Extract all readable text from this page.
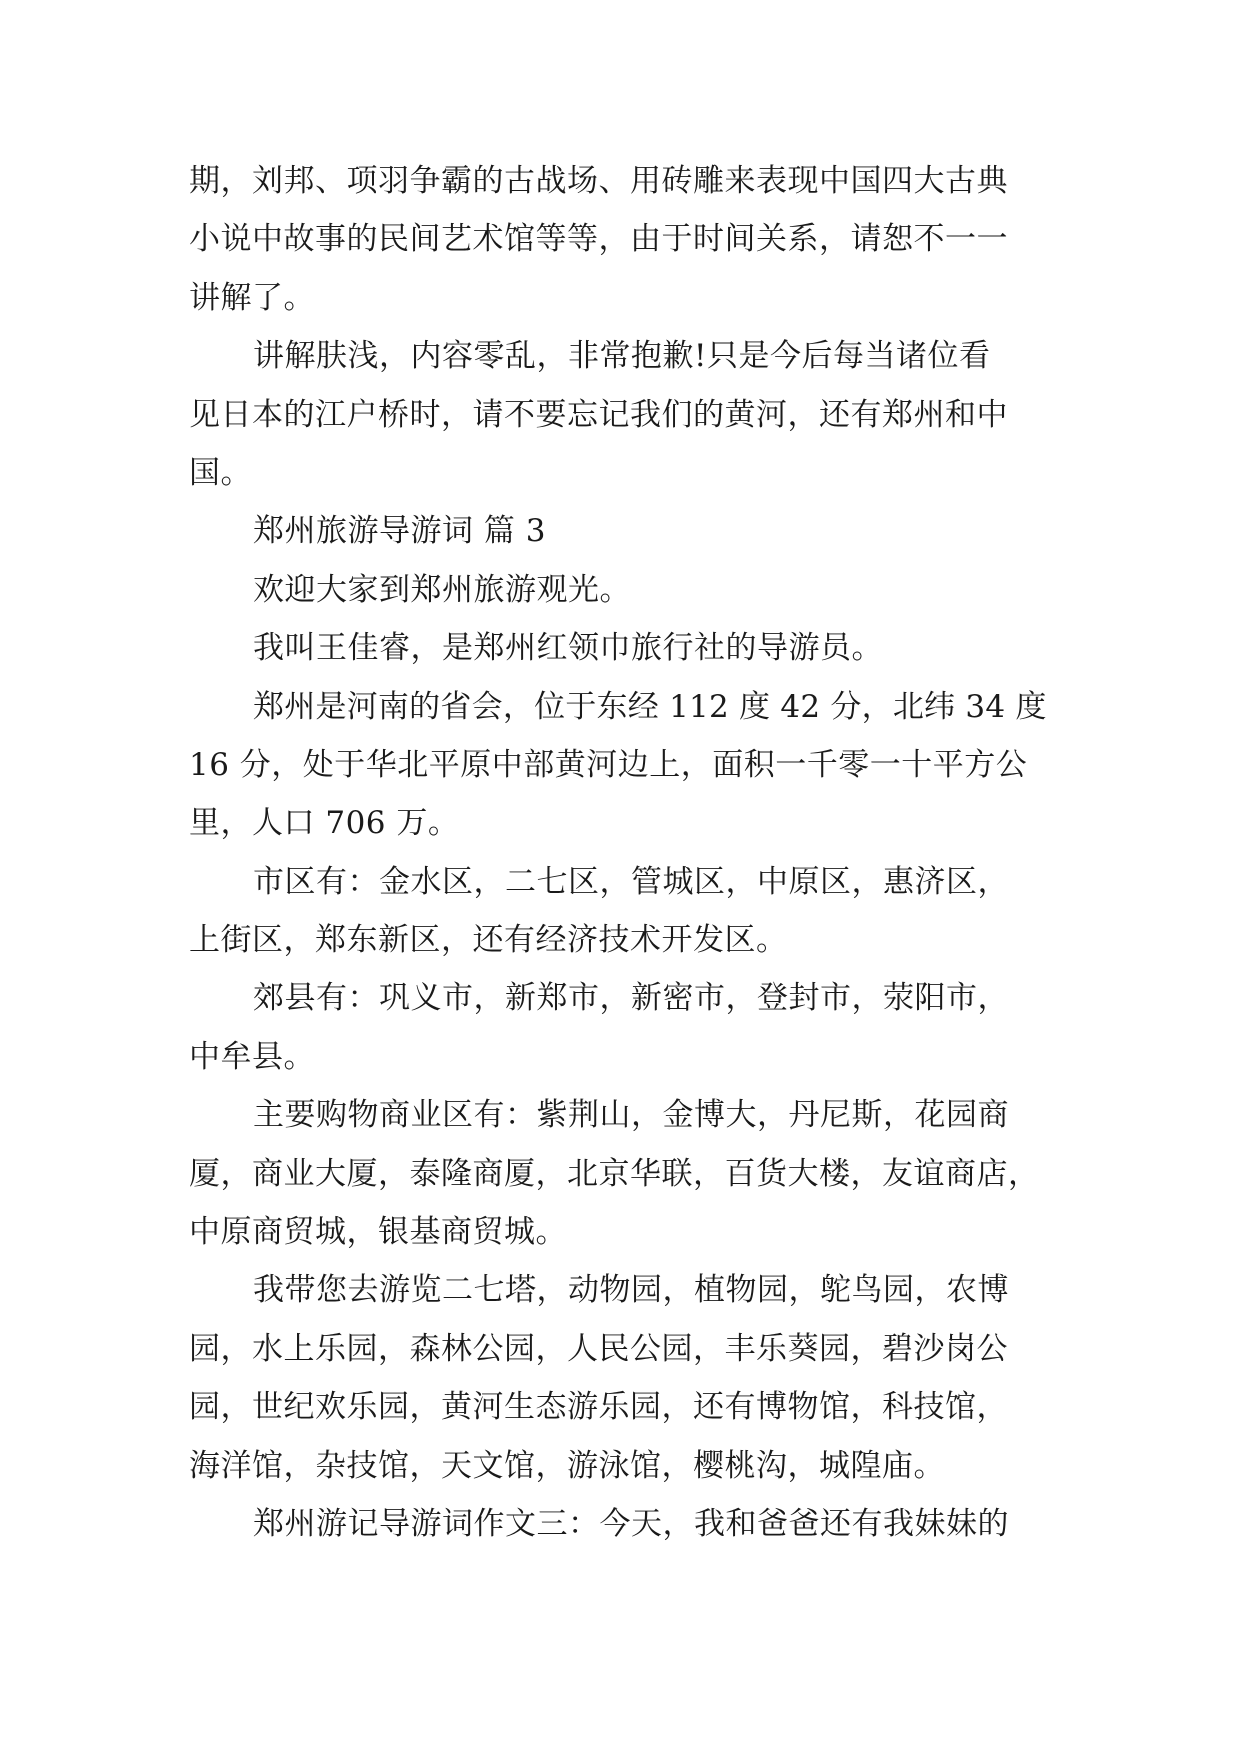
期，刘邦、项羽争霸的古战场、用砖雕来表现中国四大古典
小说中故事的民间艺术馆等等，由于时间关系，请恕不一一
讲解了。
讲解肤浅，内容零乱，非常抱歉!只是今后每当诸位看
见日本的江户桥时，请不要忘记我们的黄河，还有郑州和中
国。
郑州旅游导游词 篇 3
欢迎大家到郑州旅游观光。
我叫王佳睿，是郑州红领巾旅行社的导游员。
郑州是河南的省会，位于东经 112 度 42 分，北纬 34 度
16 分，处于华北平原中部黄河边上，面积一千零一十平方公
里，人口 706 万。
市区有：金水区，二七区，管城区，中原区，惠济区，
上街区，郑东新区，还有经济技术开发区。
郊县有：巩义市，新郑市，新密市，登封市，荥阳市，
中牟县。
主要购物商业区有：紫荆山，金博大，丹尼斯，花园商
厦，商业大厦，泰隆商厦，北京华联，百货大楼，友谊商店，
中原商贸城，银基商贸城。
我带您去游览二七塔，动物园，植物园，鸵鸟园，农博
园，水上乐园，森林公园，人民公园，丰乐葵园，碧沙岗公
园，世纪欢乐园，黄河生态游乐园，还有博物馆，科技馆，
海洋馆，杂技馆，天文馆，游泳馆，樱桃沟，城隍庙。
郑州游记导游词作文三：今天，我和爸爸还有我妹妹的
